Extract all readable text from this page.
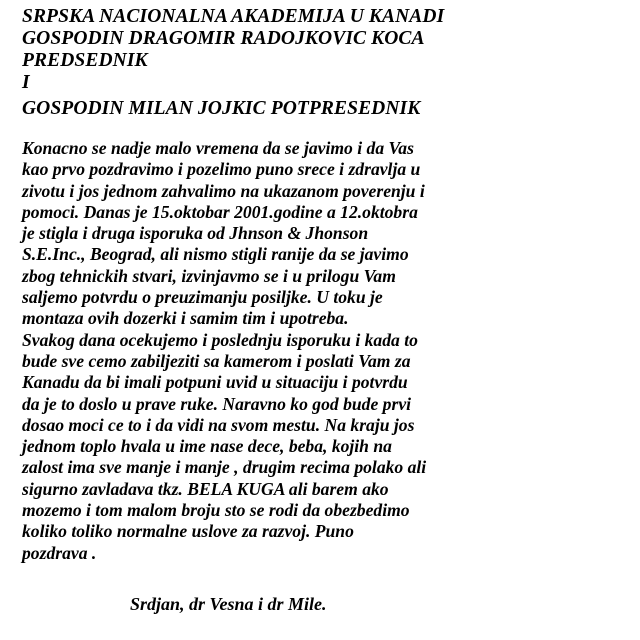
SRPSKA NACIONALNA AKADEMIJA U KANADI
GOSPODIN DRAGOMIR RADOJKOVIC KOCA
PREDSEDNIK
I
GOSPODIN MILAN JOJKIC POTPRESEDNIK
Konacno se nadje malo vremena da se javimo i da Vas
kao prvo pozdravimo i pozelimo puno srece i zdravlja u
zivotu i jos jednom zahvalimo na ukazanom poverenju i
pomoci. Danas je 15.oktobar 2001.godine a 12.oktobra
je stigla i druga isporuka od Jhnson & Jhonson
S.E.Inc., Beograd, ali nismo stigli ranije da se javimo
zbog tehnickih stvari, izvinjavmo se i u prilogu Vam
saljemo potvrdu o preuzimanju posiljke. U toku je
montaza ovih dozerki i samim tim i upotreba.
Svakog dana ocekujemo i poslednju isporuku i kada to
bude sve cemo zabiljeziti sa kamerom i poslati Vam za
Kanadu da bi imali potpuni uvid u situaciju i potvrdu
da je to doslo u prave ruke. Naravno ko god bude prvi
dosao moci ce to i da vidi na svom mestu. Na kraju jos
jednom toplo hvala u ime nase dece, beba, kojih na
zalost ima sve manje i manje , drugim recima polako ali
sigurno zavladava tkz. BELA KUGA ali barem ako
mozemo i tom malom broju sto se rodi da obezbedimo
koliko toliko normalne uslove za razvoj. Puno
pozdrava .
Srdjan, dr Vesna i dr Mile.
